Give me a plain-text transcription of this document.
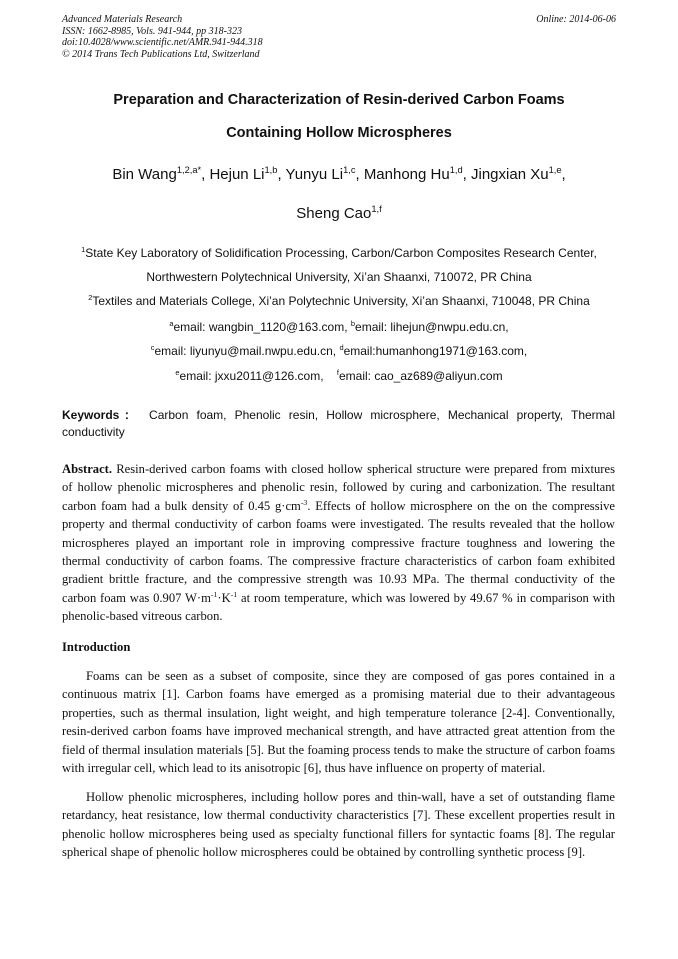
Advanced Materials Research
ISSN: 1662-8985, Vols. 941-944, pp 318-323
doi:10.4028/www.scientific.net/AMR.941-944.318
© 2014 Trans Tech Publications Ltd, Switzerland
Online: 2014-06-06
Preparation and Characterization of Resin-derived Carbon Foams
Containing Hollow Microspheres
Bin Wang$^{1,2,a*}$, Hejun Li$^{1,b}$, Yunyu Li$^{1,c}$, Manhong Hu$^{1,d}$, Jingxian Xu$^{1,e}$,
Sheng Cao$^{1,f}$
$^1$State Key Laboratory of Solidification Processing, Carbon/Carbon Composites Research Center,
Northwestern Polytechnical University, Xi’an Shaanxi, 710072, PR China
$^2$Textiles and Materials College, Xi’an Polytechnic University, Xi’an Shaanxi, 710048, PR China
$^a$email: wangbin_1120@163.com, $^b$email: lihejun@nwpu.edu.cn,
$^c$email: liyunyu@mail.nwpu.edu.cn, $^d$email:humanhong1971@163.com,
$^e$email: jxxu2011@126.com, $^f$email: cao_az689@aliyun.com
Keywords： Carbon foam, Phenolic resin, Hollow microsphere, Mechanical property, Thermal conductivity
Abstract. Resin-derived carbon foams with closed hollow spherical structure were prepared from mixtures of hollow phenolic microspheres and phenolic resin, followed by curing and carbonization. The resultant carbon foam had a bulk density of 0.45 $g\cdot cm^{-3}$. Effects of hollow microsphere on the on the compressive property and thermal conductivity of carbon foams were investigated. The results revealed that the hollow microspheres played an important role in improving compressive fracture toughness and lowering the thermal conductivity of carbon foams. The compressive fracture characteristics of carbon foam exhibited gradient brittle fracture, and the compressive strength was 10.93 MPa. The thermal conductivity of the carbon foam was 0.907 $W\cdot m^{-1}\cdot K^{-1}$ at room temperature, which was lowered by 49.67 % in comparison with phenolic-based vitreous carbon.
Introduction

Foams can be seen as a subset of composite, since they are composed of gas pores contained in a continuous matrix [1]. Carbon foams have emerged as a promising material due to their advantageous properties, such as thermal insulation, light weight, and high temperature tolerance [2-4]. Conventionally, resin-derived carbon foams have improved mechanical strength, and have attracted great attention from the field of thermal insulation materials [5]. But the foaming process tends to make the structure of carbon foams with irregular cell, which lead to its anisotropic [6], thus have influence on property of material.

Hollow phenolic microspheres, including hollow pores and thin-wall, have a set of outstanding flame retardancy, heat resistance, low thermal conductivity characteristics [7]. These excellent properties result in phenolic hollow microspheres being used as specialty functional fillers for syntactic foams [8]. The regular spherical shape of phenolic hollow microspheres could be obtained by controlling synthetic process [9].
